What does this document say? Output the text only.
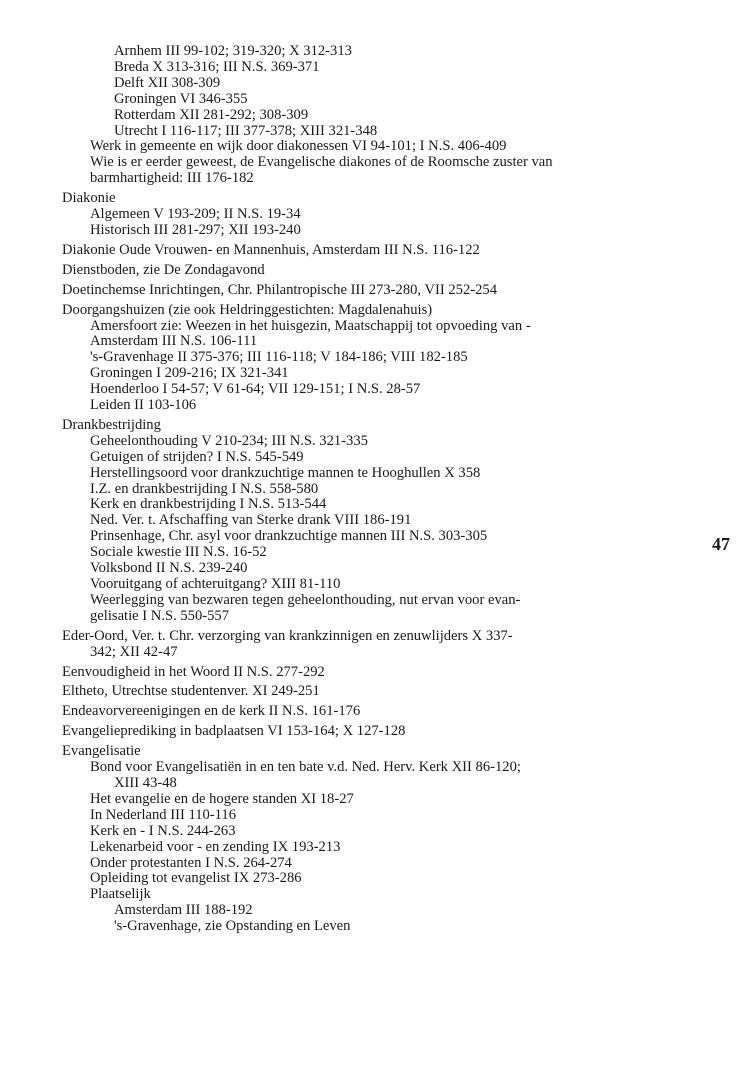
Arnhem III 99-102; 319-320; X 312-313

Breda X 313-316; III N.S. 369-371

Delft XII 308-309

Groningen VI 346-355

Rotterdam XII 281-292; 308-309

Utrecht I 116-117; III 377-378; XIII 321-348

Werk in gemeente en wijk door diakonessen VI 94-101; I N.S. 406-409

Wie is er eerder geweest, de Evangelische diakones of de Roomsche zuster van

barmhartigheid: III 176-182

Diakonie

Algemeen V 193-209; II N.S. 19-34

Historisch III 281-297; XII 193-240

Diakonie Oude Vrouwen- en Mannenhuis, Amsterdam III N.S. 116-122

Dienstboden, zie De Zondagavond

Doetinchemse Inrichtingen, Chr. Philantropische III 273-280, VII 252-254

Doorgangshuizen (zie ook Heldringgestichten: Magdalenahuis)

Amersfoort zie: Weezen in het huisgezin, Maatschappij tot opvoeding van -

Amsterdam III N.S. 106-111

's-Gravenhage II 375-376; III 116-118; V 184-186; VIII 182-185

Groningen I 209-216; IX 321-341

Hoenderloo I 54-57; V 61-64; VII 129-151; I N.S. 28-57

Leiden II 103-106

Drankbestrijding

Geheelonthouding V 210-234; III N.S. 321-335

Getuigen of strijden? I N.S. 545-549

Herstellingsoord voor drankzuchtige mannen te Hooghullen X 358

I.Z. en drankbestrijding I N.S. 558-580

Kerk en drankbestrijding I N.S. 513-544

Ned. Ver. t. Afschaffing van Sterke drank VIII 186-191

Prinsenhage, Chr. asyl voor drankzuchtige mannen III N.S. 303-305

Sociale kwestie III N.S. 16-52

Volksbond II N.S. 239-240

Vooruitgang of achteruitgang? XIII 81-110

Weerlegging van bezwaren tegen geheelonthouding, nut ervan voor evan-

gelisatie I N.S. 550-557

Eder-Oord, Ver. t. Chr. verzorging van krankzinnigen en zenuwlijders X 337-

342; XII 42-47

Eenvoudigheid in het Woord II N.S. 277-292

Eltheto, Utrechtse studentenver. XI 249-251

Endeavorvereenigingen en de kerk II N.S. 161-176

Evangelieprediking in badplaatsen VI 153-164; X 127-128

Evangelisatie

Bond voor Evangelisatiën in en ten bate v.d. Ned. Herv. Kerk XII 86-120;

XIII 43-48

Het evangelie en de hogere standen XI 18-27

In Nederland III 110-116

Kerk en - I N.S. 244-263

Lekenarbeid voor - en zending IX 193-213

Onder protestanten I N.S. 264-274

Opleiding tot evangelist IX 273-286

Plaatselijk

Amsterdam III 188-192

's-Gravenhage, zie Opstanding en Leven

47
